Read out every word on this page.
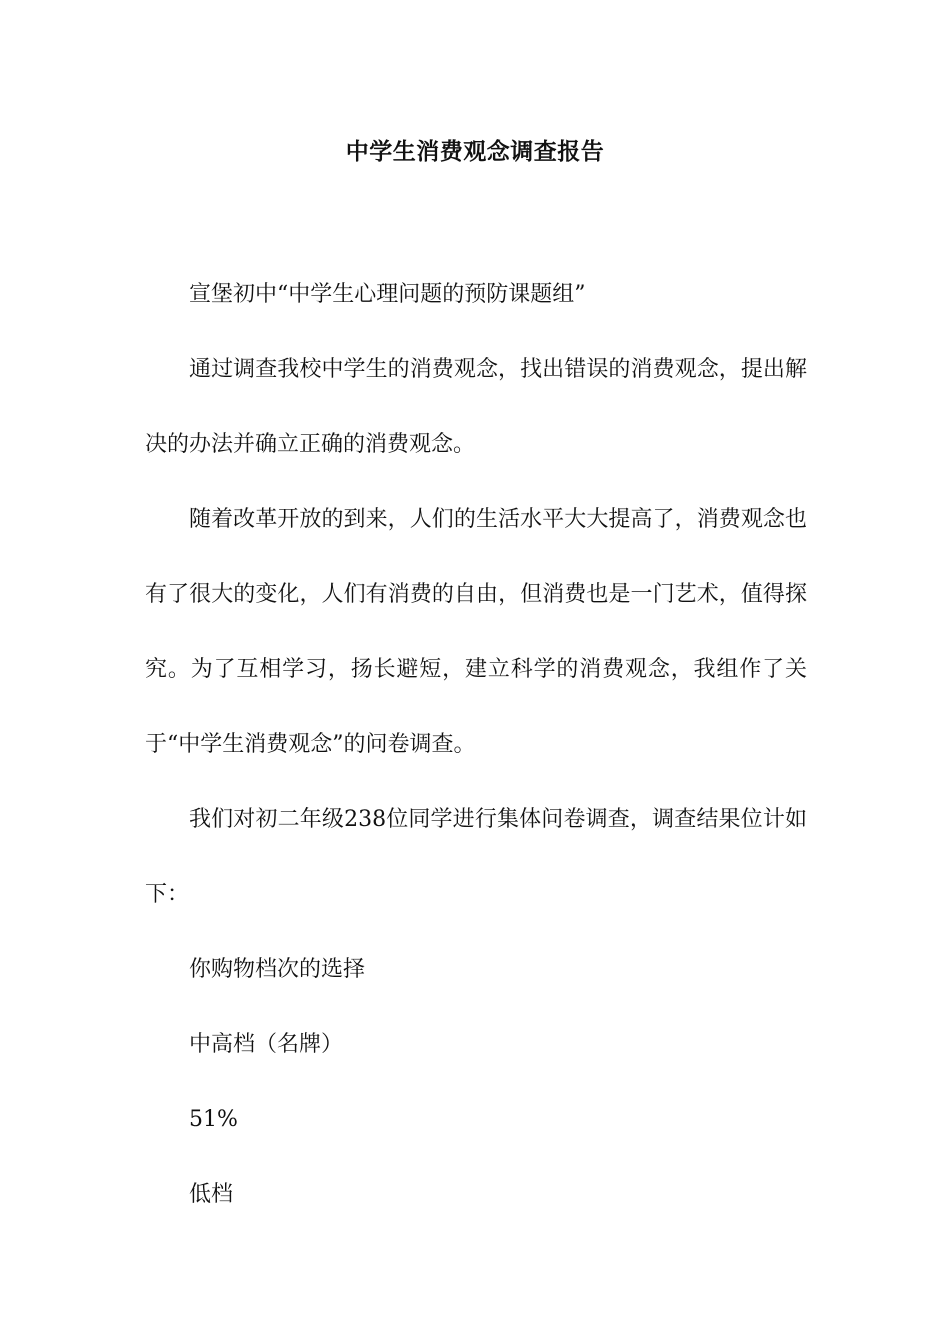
中学生消费观念调查报告

宣堡初中“中学生心理问题的预防课题组”

通过调查我校中学生的消费观念，找出错误的消费观念，提出解决的办法并确立正确的消费观念。

随着改革开放的到来，人们的生活水平大大提高了，消费观念也有了很大的变化，人们有消费的自由，但消费也是一门艺术，值得探究。为了互相学习，扬长避短，建立科学的消费观念，我组作了关于“中学生消费观念”的问卷调查。

我们对初二年级238位同学进行集体问卷调查，调查结果位计如下：

你购物档次的选择

中高档（名牌）

51%

低档
